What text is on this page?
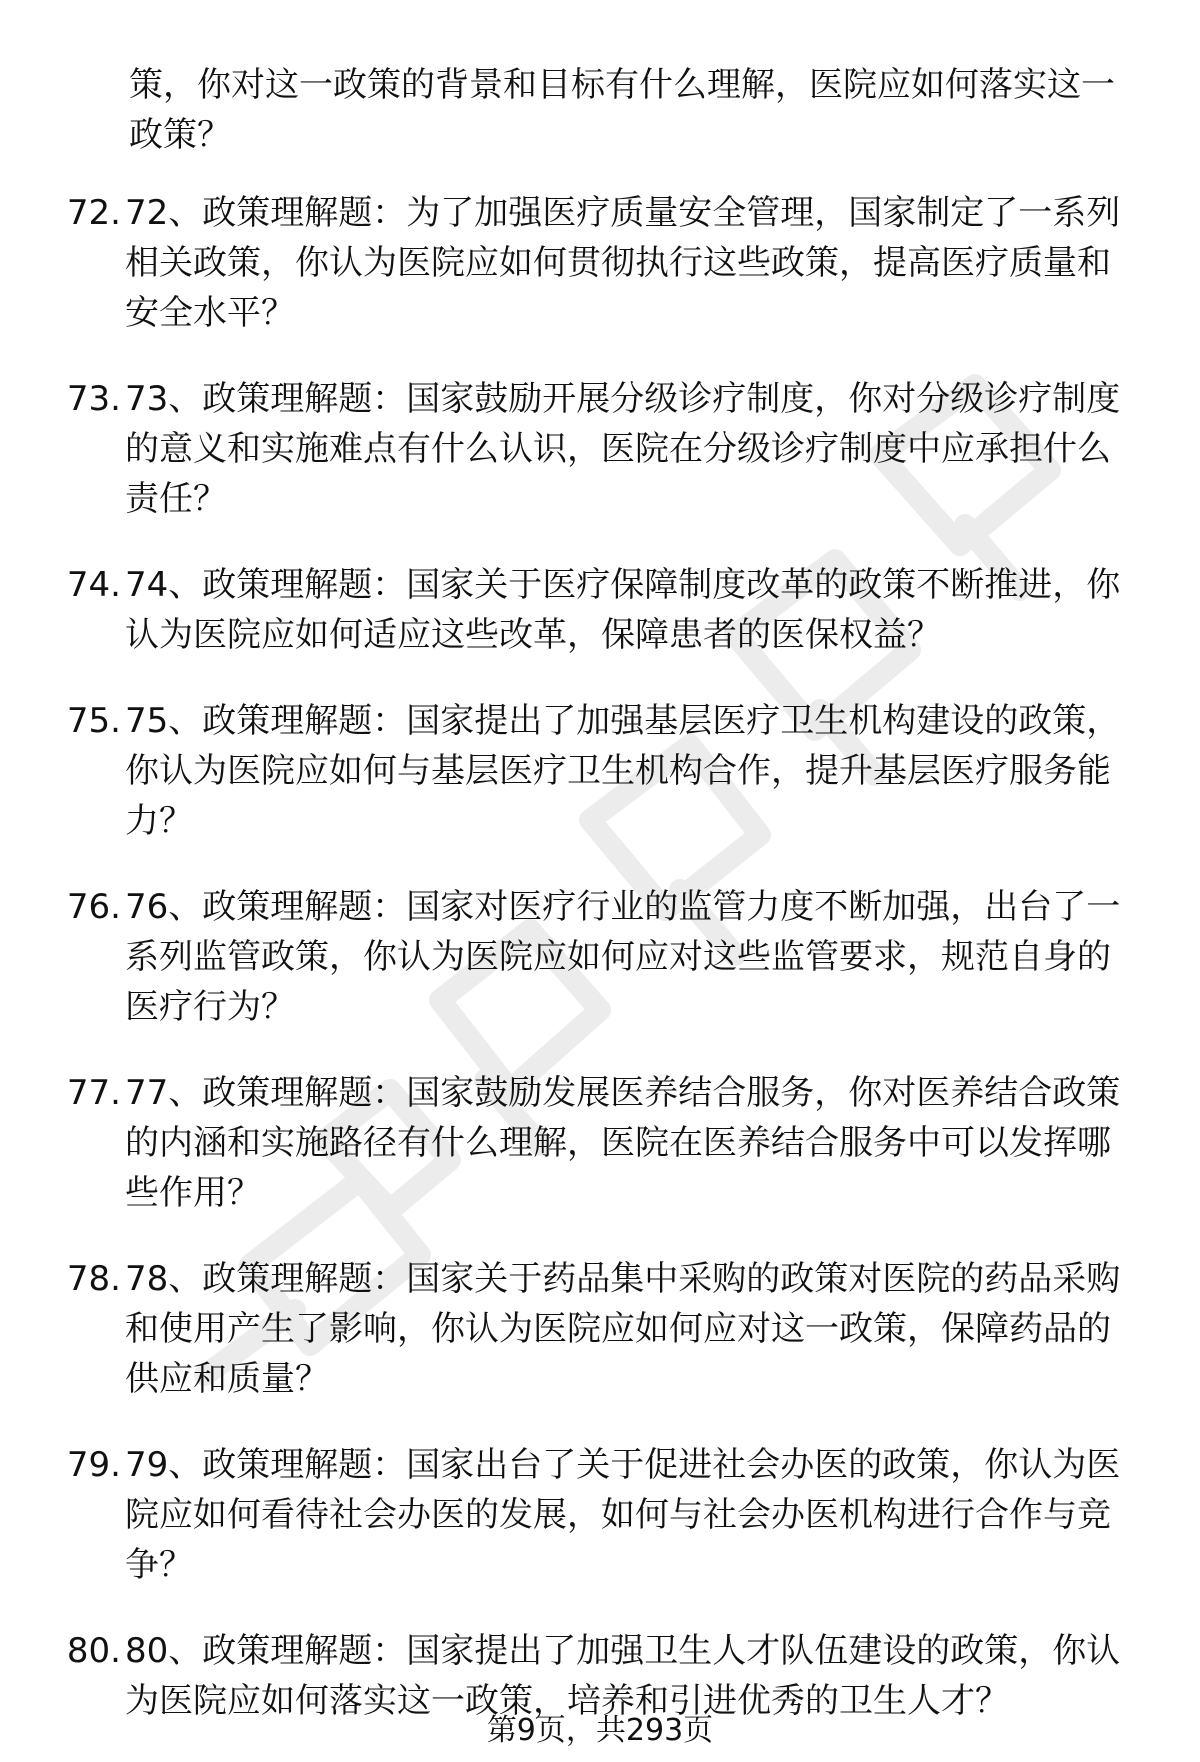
策，你对这一政策的背景和目标有什么理解，医院应如何落实这一政策？
72. 72、政策理解题：为了加强医疗质量安全管理，国家制定了一系列相关政策，你认为医院应如何贯彻执行这些政策，提高医疗质量和安全水平？
73. 73、政策理解题：国家鼓励开展分级诊疗制度，你对分级诊疗制度的意义和实施难点有什么认识，医院在分级诊疗制度中应承担什么责任？
74. 74、政策理解题：国家关于医疗保障制度改革的政策不断推进，你认为医院应如何适应这些改革，保障患者的医保权益？
75. 75、政策理解题：国家提出了加强基层医疗卫生机构建设的政策，你认为医院应如何与基层医疗卫生机构合作，提升基层医疗服务能力？
76. 76、政策理解题：国家对医疗行业的监管力度不断加强，出台了一系列监管政策，你认为医院应如何应对这些监管要求，规范自身的医疗行为？
77. 77、政策理解题：国家鼓励发展医养结合服务，你对医养结合政策的内涵和实施路径有什么理解，医院在医养结合服务中可以发挥哪些作用？
78. 78、政策理解题：国家关于药品集中采购的政策对医院的药品采购和使用产生了影响，你认为医院应如何应对这一政策，保障药品的供应和质量？
79. 79、政策理解题：国家出台了关于促进社会办医的政策，你认为医院应如何看待社会办医的发展，如何与社会办医机构进行合作与竞争？
80. 80、政策理解题：国家提出了加强卫生人才队伍建设的政策，你认为医院应如何落实这一政策，培养和引进优秀的卫生人才？
第9页，共293页
